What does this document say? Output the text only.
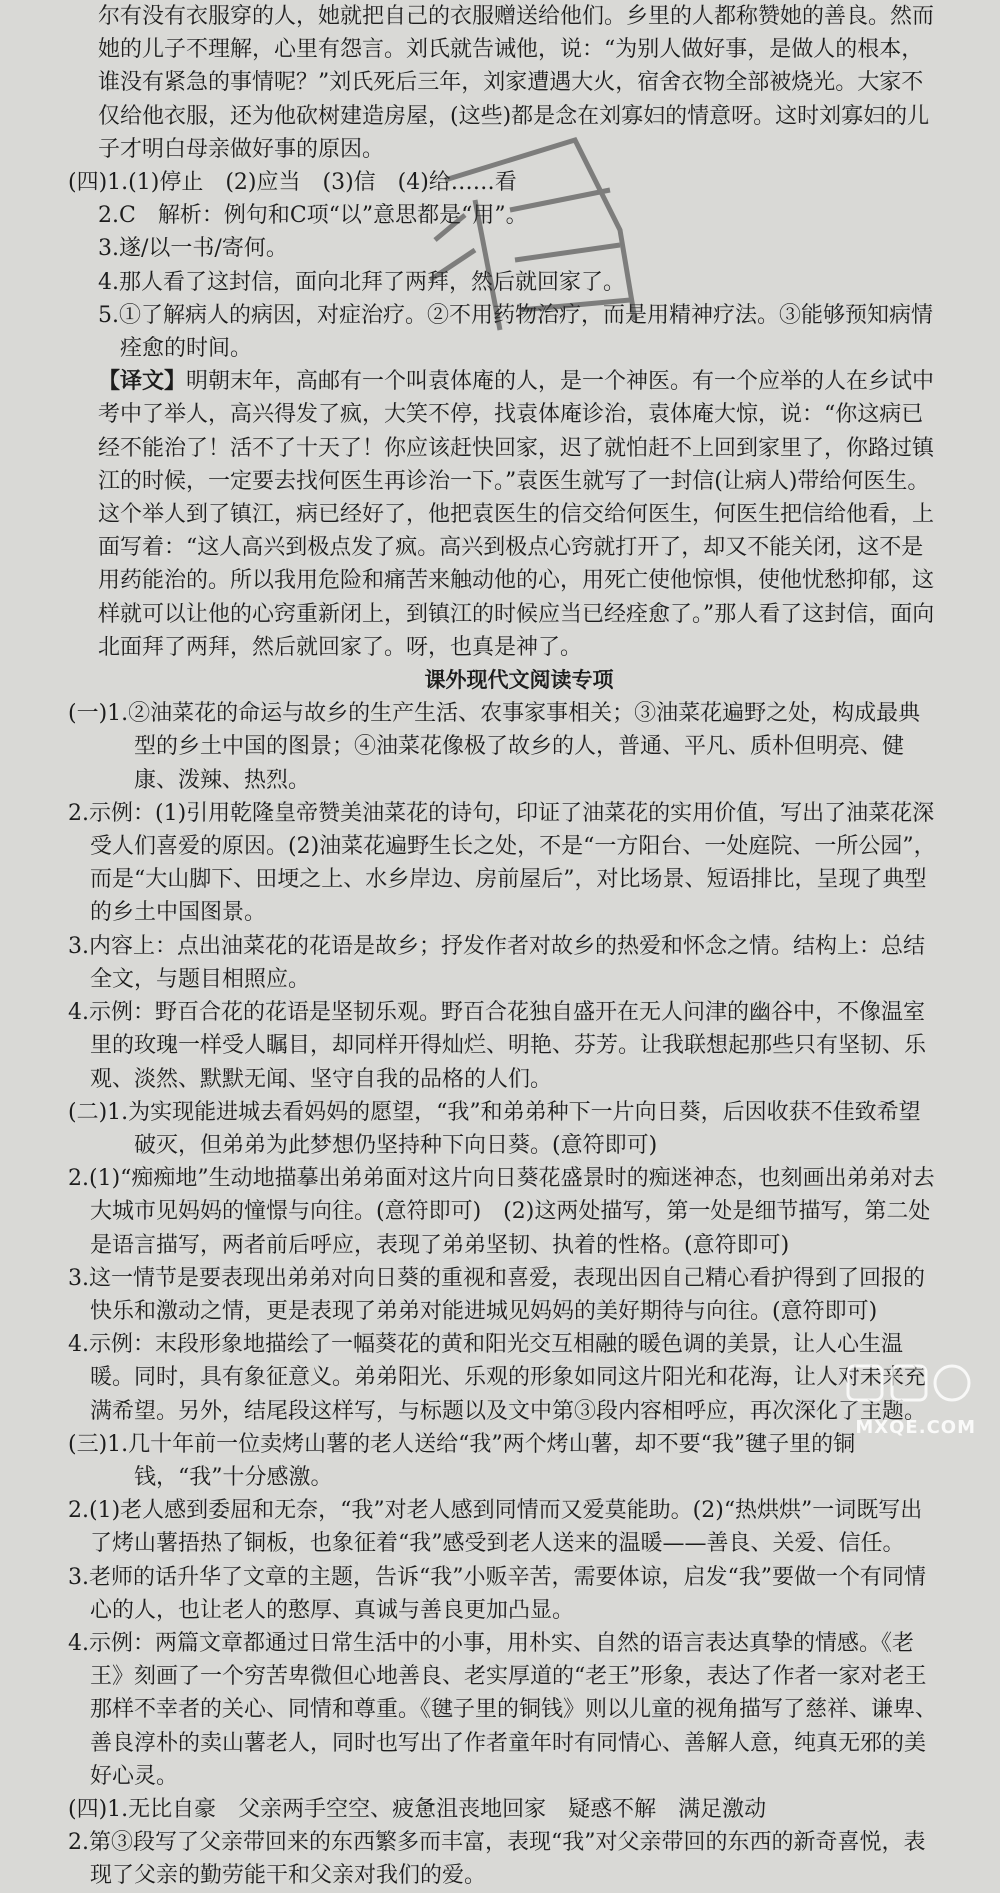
尔有没有衣服穿的人，她就把自己的衣服赠送给他们。乡里的人都称赞她的善良。然而她的儿子不理解，心里有怨言。刘氏就告诫他，说：“为别人做好事，是做人的根本，谁没有紧急的事情呢？”刘氏死后三年，刘家遭遇大火，宿舍衣物全部被烧光。大家不仅给他衣服，还为他砍树建造房屋，(这些)都是念在刘寡妇的情意呀。这时刘寡妇的儿子才明白母亲做好事的原因。

(四)1.(1)停止　(2)应当　(3)信　(4)给……看

2.C　解析：例句和C项“以”意思都是“用”。

3.遂/以一书/寄何。

4.那人看了这封信，面向北拜了两拜，然后就回家了。

5.①了解病人的病因，对症治疗。②不用药物治疗，而是用精神疗法。③能够预知病情痊愈的时间。

【译文】明朝末年，高邮有一个叫袁体庵的人，是一个神医。有一个应举的人在乡试中考中了举人，高兴得发了疯，大笑不停，找袁体庵诊治，袁体庵大惊，说：“你这病已经不能治了！活不了十天了！你应该赶快回家，迟了就怕赶不上回到家里了，你路过镇江的时候，一定要去找何医生再诊治一下。”袁医生就写了一封信(让病人)带给何医生。这个举人到了镇江，病已经好了，他把袁医生的信交给何医生，何医生把信给他看，上面写着：“这人高兴到极点发了疯。高兴到极点心窍就打开了，却又不能关闭，这不是用药能治的。所以我用危险和痛苦来触动他的心，用死亡使他惊惧，使他忧愁抑郁，这样就可以让他的心窍重新闭上，到镇江的时候应当已经痊愈了。”那人看了这封信，面向北面拜了两拜，然后就回家了。呀，也真是神了。

课外现代文阅读专项

(一)1.②油菜花的命运与故乡的生产生活、农事家事相关；③油菜花遍野之处，构成最典型的乡土中国的图景；④油菜花像极了故乡的人，普通、平凡、质朴但明亮、健康、泼辣、热烈。

2.示例：(1)引用乾隆皇帝赞美油菜花的诗句，印证了油菜花的实用价值，写出了油菜花深受人们喜爱的原因。(2)油菜花遍野生长之处，不是“一方阳台、一处庭院、一所公园”，而是“大山脚下、田埂之上、水乡岸边、房前屋后”，对比场景、短语排比，呈现了典型的乡土中国图景。

3.内容上：点出油菜花的花语是故乡；抒发作者对故乡的热爱和怀念之情。结构上：总结全文，与题目相照应。

4.示例：野百合花的花语是坚韧乐观。野百合花独自盛开在无人问津的幽谷中，不像温室里的玫瑰一样受人瞩目，却同样开得灿烂、明艳、芬芳。让我联想起那些只有坚韧、乐观、淡然、默默无闻、坚守自我的品格的人们。

(二)1.为实现能进城去看妈妈的愿望，“我”和弟弟种下一片向日葵，后因收获不佳致希望破灭，但弟弟为此梦想仍坚持种下向日葵。(意符即可)

2.(1)“痴痴地”生动地描摹出弟弟面对这片向日葵花盛景时的痴迷神态，也刻画出弟弟对去大城市见妈妈的憧憬与向往。(意符即可)　(2)这两处描写，第一处是细节描写，第二处是语言描写，两者前后呼应，表现了弟弟坚韧、执着的性格。(意符即可)

3.这一情节是要表现出弟弟对向日葵的重视和喜爱，表现出因自己精心看护得到了回报的快乐和激动之情，更是表现了弟弟对能进城见妈妈的美好期待与向往。(意符即可)

4.示例：末段形象地描绘了一幅葵花的黄和阳光交互相融的暖色调的美景，让人心生温暖。同时，具有象征意义。弟弟阳光、乐观的形象如同这片阳光和花海，让人对未来充满希望。另外，结尾段这样写，与标题以及文中第③段内容相呼应，再次深化了主题。

(三)1.几十年前一位卖烤山薯的老人送给“我”两个烤山薯，却不要“我”毽子里的铜钱，“我”十分感激。

2.(1)老人感到委屈和无奈，“我”对老人感到同情而又爱莫能助。(2)“热烘烘”一词既写出了烤山薯捂热了铜板，也象征着“我”感受到老人送来的温暖——善良、关爱、信任。

3.老师的话升华了文章的主题，告诉“我”小贩辛苦，需要体谅，启发“我”要做一个有同情心的人，也让老人的憨厚、真诚与善良更加凸显。

4.示例：两篇文章都通过日常生活中的小事，用朴实、自然的语言表达真挚的情感。《老王》刻画了一个穷苦卑微但心地善良、老实厚道的“老王”形象，表达了作者一家对老王那样不幸者的关心、同情和尊重。《毽子里的铜钱》则以儿童的视角描写了慈祥、谦卑、善良淳朴的卖山薯老人，同时也写出了作者童年时有同情心、善解人意，纯真无邪的美好心灵。

(四)1.无比自豪　父亲两手空空、疲惫沮丧地回家　疑惑不解　满足激动

2.第③段写了父亲带回来的东西繁多而丰富，表现“我”对父亲带回的东西的新奇喜悦，表现了父亲的勤劳能干和父亲对我们的爱。

MXQE.COM
